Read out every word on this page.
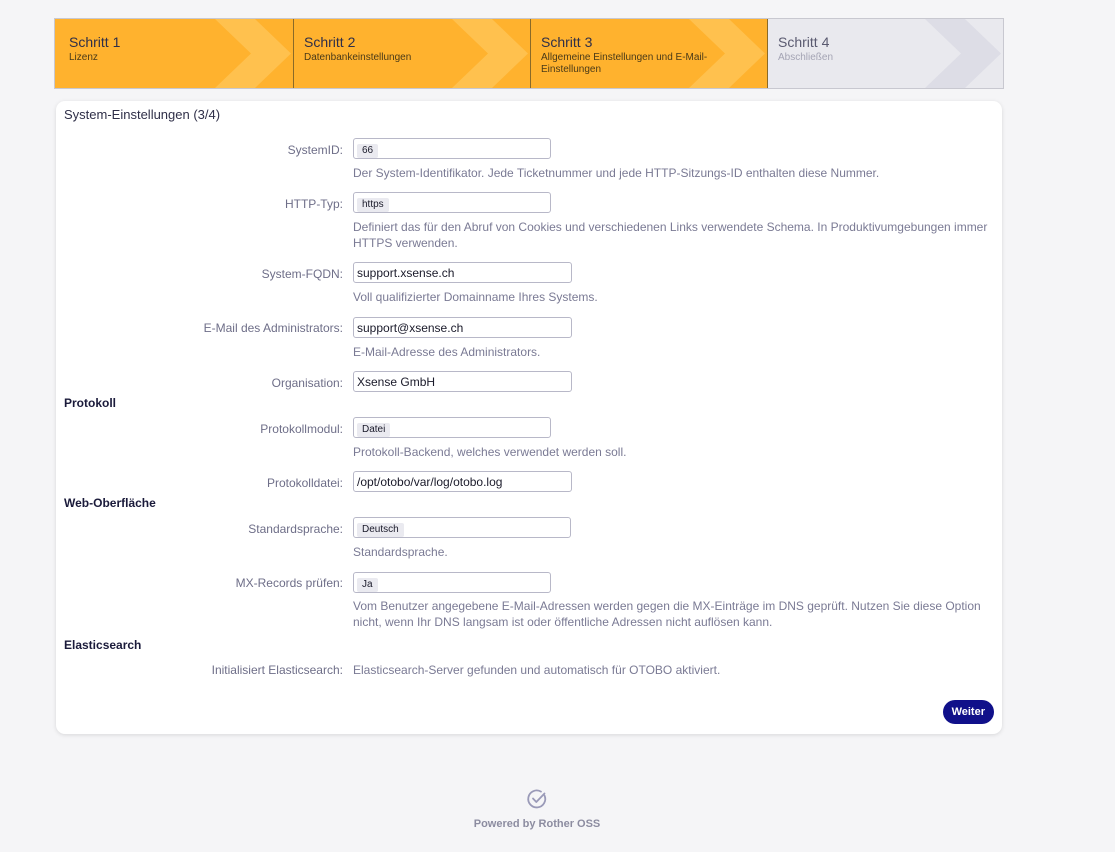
Schritt 1
Lizenz
Schritt 2
Datenbankeinstellungen
Schritt 3
Allgemeine Einstellungen und E-Mail-Einstellungen
Schritt 4
Abschließen
System-Einstellungen (3/4)
SystemID:	66
Der System-Identifikator. Jede Ticketnummer und jede HTTP-Sitzungs-ID enthalten diese Nummer.
HTTP-Typ:	https
Definiert das für den Abruf von Cookies und verschiedenen Links verwendete Schema. In Produktivumgebungen immer HTTPS verwenden.
System-FQDN:	support.xsense.ch
Voll qualifizierter Domainname Ihres Systems.
E-Mail des Administrators:	support@xsense.ch
E-Mail-Adresse des Administrators.
Organisation:	Xsense GmbH
Protokoll
Protokollmodul:	Datei
Protokoll-Backend, welches verwendet werden soll.
Protokolldatei:	/opt/otobo/var/log/otobo.log
Web-Oberfläche
Standardsprache:	Deutsch
Standardsprache.
MX-Records prüfen:	Ja
Vom Benutzer angegebene E-Mail-Adressen werden gegen die MX-Einträge im DNS geprüft. Nutzen Sie diese Option nicht, wenn Ihr DNS langsam ist oder öffentliche Adressen nicht auflösen kann.
Elasticsearch
Initialisiert Elasticsearch: Elasticsearch-Server gefunden und automatisch für OTOBO aktiviert.
Weiter
Powered by Rother OSS
